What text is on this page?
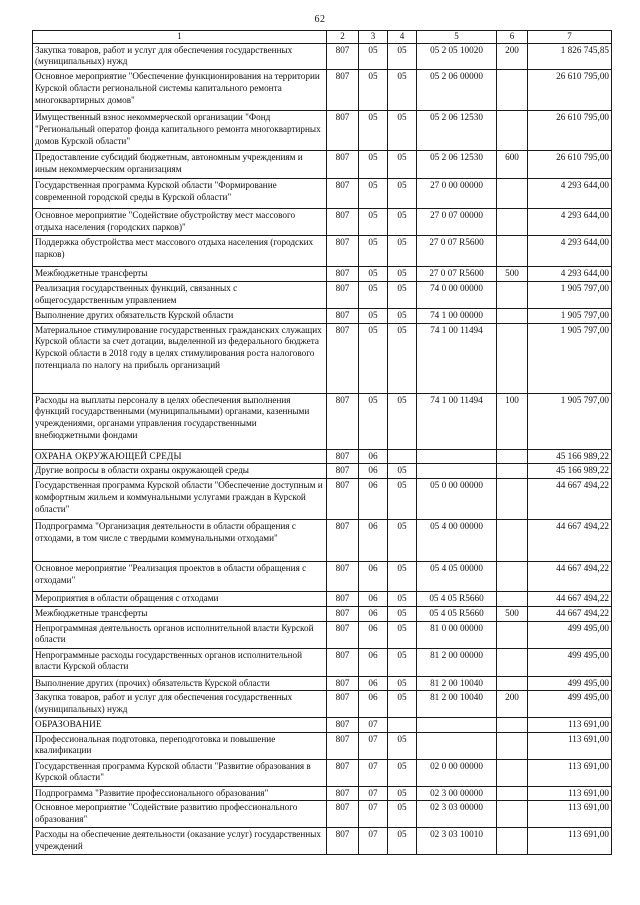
62
1	2	3	4	5	6	7
Закупка товаров, работ и услуг для обеспечения государственных (муниципальных) нужд	807	05	05	05 2 05 10020	200	1 826 745,85
Основное мероприятие "Обеспечение функционирования на территории Курской области региональной системы капитального ремонта многоквартирных домов"	807	05	05	05 2 06 00000		26 610 795,00
Имущественный взнос некоммерческой организации "Фонд "Региональный оператор фонда капитального ремонта многоквартирных домов Курской области"	807	05	05	05 2 06 12530		26 610 795,00
Предоставление субсидий бюджетным, автономным учреждениям и иным некоммерческим организациям	807	05	05	05 2 06 12530	600	26 610 795,00
Государственная программа Курской области "Формирование современной городской среды в Курской области"	807	05	05	27 0 00 00000		4 293 644,00
Основное мероприятие "Содействие обустройству мест массового отдыха населения (городских парков)"	807	05	05	27 0 07 00000		4 293 644,00
Поддержка обустройства мест массового отдыха населения (городских парков)	807	05	05	27 0 07 R5600		4 293 644,00
Межбюджетные трансферты	807	05	05	27 0 07 R5600	500	4 293 644,00
Реализация государственных функций, связанных с общегосударственным управлением	807	05	05	74 0 00 00000		1 905 797,00
Выполнение других обязательств Курской области	807	05	05	74 1 00 00000		1 905 797,00
Материальное стимулирование государственных гражданских служащих Курской области за счет дотации, выделенной из федерального бюджета Курской области в 2018 году в целях стимулирования роста налогового потенциала по налогу на прибыль организаций	807	05	05	74 1 00 11494		1 905 797,00
Расходы на выплаты персоналу в целях обеспечения выполнения функций государственными (муниципальными) органами, казенными учреждениями, органами управления государственными внебюджетными фондами	807	05	05	74 1 00 11494	100	1 905 797,00
ОХРАНА ОКРУЖАЮЩЕЙ СРЕДЫ	807	06				45 166 989,22
Другие вопросы в области охраны окружающей среды	807	06	05			45 166 989,22
Государственная программа Курской области "Обеспечение доступным и комфортным жильем и коммунальными услугами граждан в Курской области"	807	06	05	05 0 00 00000		44 667 494,22
Подпрограмма "Организация деятельности в области обращения с отходами, в том числе с твердыми коммунальными отходами"	807	06	05	05 4 00 00000		44 667 494,22
Основное мероприятие "Реализация проектов в области обращения с отходами"	807	06	05	05 4 05 00000		44 667 494,22
Мероприятия в области обращения с отходами	807	06	05	05 4 05 R5660		44 667 494,22
Межбюджетные трансферты	807	06	05	05 4 05 R5660	500	44 667 494,22
Непрограммная деятельность органов исполнительной власти Курской области	807	06	05	81 0 00 00000		499 495,00
Непрограммные расходы государственных органов исполнительной власти Курской области	807	06	05	81 2 00 00000		499 495,00
Выполнение других (прочих) обязательств Курской области	807	06	05	81 2 00 10040		499 495,00
Закупка товаров, работ и услуг для обеспечения государственных (муниципальных) нужд	807	06	05	81 2 00 10040	200	499 495,00
ОБРАЗОВАНИЕ	807	07				113 691,00
Профессиональная подготовка, переподготовка и повышение квалификации	807	07	05			113 691,00
Государственная программа Курской области "Развитие образования в Курской области"	807	07	05	02 0 00 00000		113 691,00
Подпрограмма "Развитие профессионального образования"	807	07	05	02 3 00 00000		113 691,00
Основное мероприятие "Содействие развитию профессионального образования"	807	07	05	02 3 03 00000		113 691,00
Расходы на обеспечение деятельности (оказание услуг) государственных учреждений	807	07	05	02 3 03 10010		113 691,00
